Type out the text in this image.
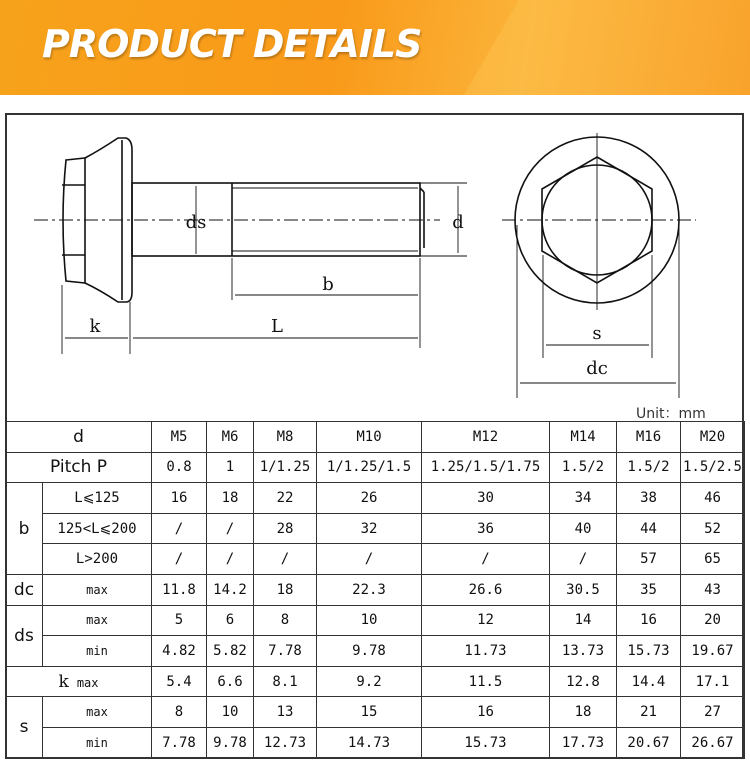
PRODUCT DETAILS
ds	d
b
k	L	s
dc
Unit：mm
d		M5	M6	M8	M10	M12	M14	M16	M20
Pitch P		0.8	1	1/1.25	1/1.25/1.5	1.25/1.5/1.75	1.5/2	1.5/2	1.5/2.5
b	L⩽125	16	18	22	26	30	34	38	46
	125<L⩽200	/	/	28	32	36	40	44	52
	L>200	/	/	/	/	/	/	57	65
dc	max	11.8	14.2	18	22.3	26.6	30.5	35	43
ds	max	5	6	8	10	12	14	16	20
	min	4.82	5.82	7.78	9.78	11.73	13.73	15.73	19.67
k max		5.4	6.6	8.1	9.2	11.5	12.8	14.4	17.1
s	max	8	10	13	15	16	18	21	27
	min	7.78	9.78	12.73	14.73	15.73	17.73	20.67	26.67
